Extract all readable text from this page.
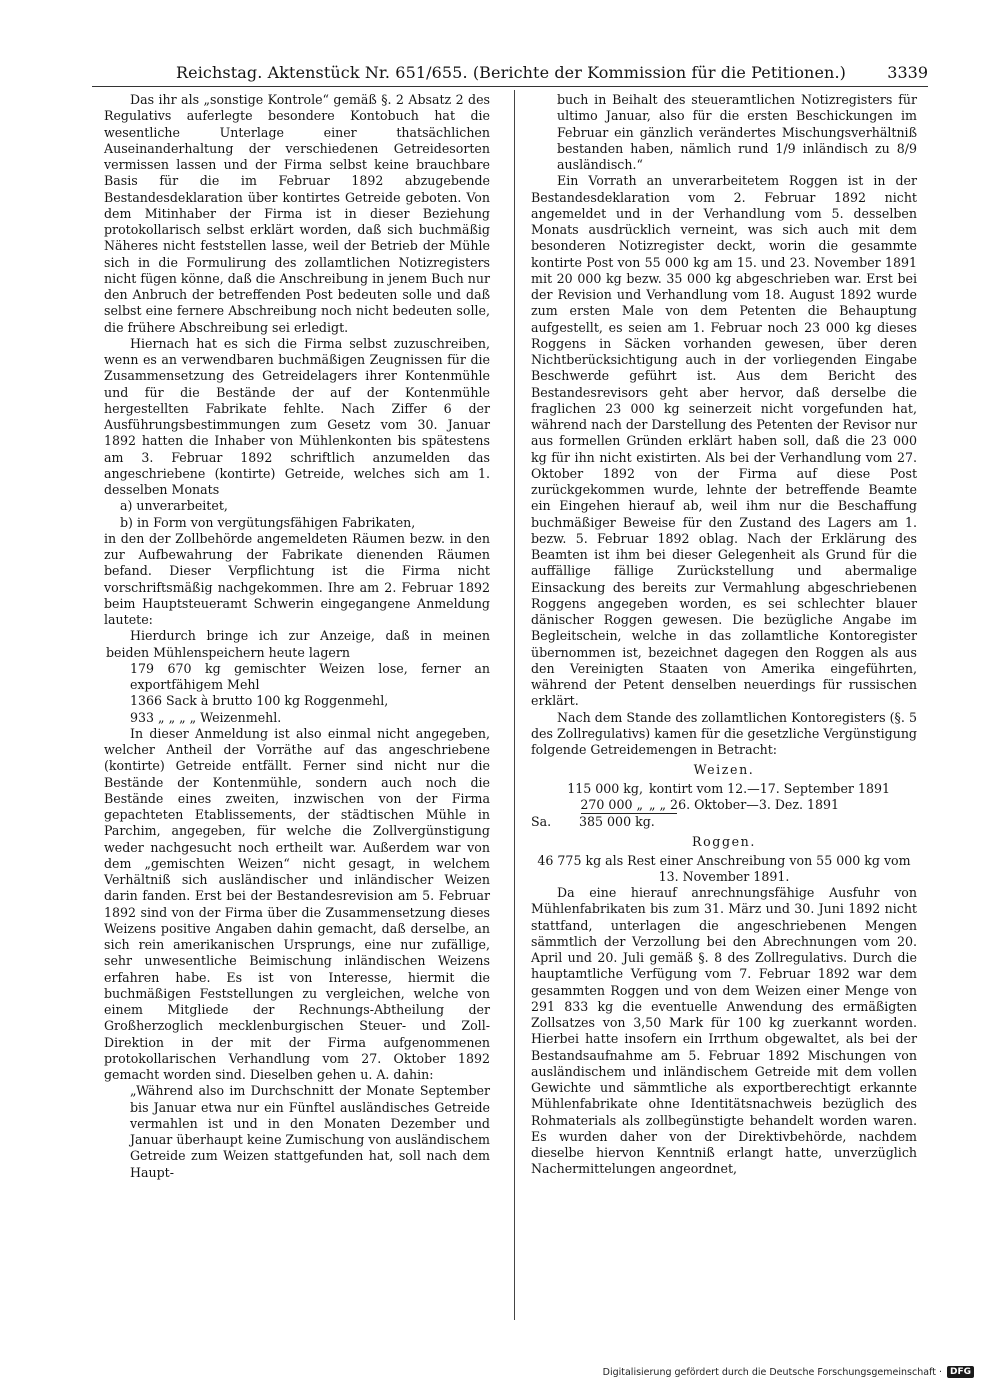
Reichstag. Aktenstück Nr. 651/655. (Berichte der Kommission für die Petitionen.)	3339

Das ihr als „sonstige Kontrole“ gemäß §. 2 Absatz 2 des Regulativs auferlegte besondere Kontobuch hat die wesentliche Unterlage einer thatsächlichen Auseinanderhaltung der verschiedenen Getreidesorten vermissen lassen und der Firma selbst keine brauchbare Basis für die im Februar 1892 abzugebende Bestandesdeklaration über kontirtes Getreide geboten. Von dem Mitinhaber der Firma ist in dieser Beziehung protokollarisch selbst erklärt worden, daß sich buchmäßig Näheres nicht feststellen lasse, weil der Betrieb der Mühle sich in die Formulirung des zollamtlichen Notizregisters nicht fügen könne, daß die Anschreibung in jenem Buch nur den Anbruch der betreffenden Post bedeuten solle und daß selbst eine fernere Abschreibung noch nicht bedeuten solle, die frühere Abschreibung sei erledigt.

Hiernach hat es sich die Firma selbst zuzuschreiben, wenn es an verwendbaren buchmäßigen Zeugnissen für die Zusammensetzung des Getreidelagers ihrer Kontenmühle und für die Bestände der auf der Kontenmühle hergestellten Fabrikate fehlte. Nach Ziffer 6 der Ausführungsbestimmungen zum Gesetz vom 30. Januar 1892 hatten die Inhaber von Mühlenkonten bis spätestens am 3. Februar 1892 schriftlich anzumelden das angeschriebene (kontirte) Getreide, welches sich am 1. desselben Monats

a) unverarbeitet,

b) in Form von vergütungsfähigen Fabrikaten,

in den der Zollbehörde angemeldeten Räumen bezw. in den zur Aufbewahrung der Fabrikate dienenden Räumen befand. Dieser Verpflichtung ist die Firma nicht vorschriftsmäßig nachgekommen. Ihre am 2. Februar 1892 beim Hauptsteueramt Schwerin eingegangene Anmeldung lautete:

Hierdurch bringe ich zur Anzeige, daß in meinen beiden Mühlenspeichern heute lagern

179 670 kg gemischter Weizen lose, ferner an exportfähigem Mehl

1366 Sack à brutto 100 kg Roggenmehl,

933 „ „ „ „ Weizenmehl.

In dieser Anmeldung ist also einmal nicht angegeben, welcher Antheil der Vorräthe auf das angeschriebene (kontirte) Getreide entfällt. Ferner sind nicht nur die Bestände der Kontenmühle, sondern auch noch die Bestände eines zweiten, inzwischen von der Firma gepachteten Etablissements, der städtischen Mühle in Parchim, angegeben, für welche die Zollvergünstigung weder nachgesucht noch ertheilt war. Außerdem war von dem „gemischten Weizen“ nicht gesagt, in welchem Verhältniß sich ausländischer und inländischer Weizen darin fanden. Erst bei der Bestandesrevision am 5. Februar 1892 sind von der Firma über die Zusammensetzung dieses Weizens positive Angaben dahin gemacht, daß derselbe, an sich rein amerikanischen Ursprungs, eine nur zufällige, sehr unwesentliche Beimischung inländischen Weizens erfahren habe. Es ist von Interesse, hiermit die buchmäßigen Feststellungen zu vergleichen, welche von einem Mitgliede der Rechnungs-Abtheilung der Großherzoglich mecklenburgischen Steuer- und Zoll-Direktion in der mit der Firma aufgenommenen protokollarischen Verhandlung vom 27. Oktober 1892 gemacht worden sind. Dieselben gehen u. A. dahin:

„Während also im Durchschnitt der Monate September bis Januar etwa nur ein Fünftel ausländisches Getreide vermahlen ist und in den Monaten Dezember und Januar überhaupt keine Zumischung von ausländischem Getreide zum Weizen stattgefunden hat, soll nach dem Haupt-

buch in Beihalt des steueramtlichen Notizregisters für ultimo Januar, also für die ersten Beschickungen im Februar ein gänzlich verändertes Mischungsverhältniß bestanden haben, nämlich rund 1/9 inländisch zu 8/9 ausländisch.“

Ein Vorrath an unverarbeitetem Roggen ist in der Bestandesdeklaration vom 2. Februar 1892 nicht angemeldet und in der Verhandlung vom 5. desselben Monats ausdrücklich verneint, was sich auch mit dem besonderen Notizregister deckt, worin die gesammte kontirte Post von 55 000 kg am 15. und 23. November 1891 mit 20 000 kg bezw. 35 000 kg abgeschrieben war. Erst bei der Revision und Verhandlung vom 18. August 1892 wurde zum ersten Male von dem Petenten die Behauptung aufgestellt, es seien am 1. Februar noch 23 000 kg dieses Roggens in Säcken vorhanden gewesen, über deren Nichtberücksichtigung auch in der vorliegenden Eingabe Beschwerde geführt ist. Aus dem Bericht des Bestandesrevisors geht aber hervor, daß derselbe die fraglichen 23 000 kg seinerzeit nicht vorgefunden hat, während nach der Darstellung des Petenten der Revisor nur aus formellen Gründen erklärt haben soll, daß die 23 000 kg für ihn nicht existirten. Als bei der Verhandlung vom 27. Oktober 1892 von der Firma auf diese Post zurückgekommen wurde, lehnte der betreffende Beamte ein Eingehen hierauf ab, weil ihm nur die Beschaffung buchmäßiger Beweise für den Zustand des Lagers am 1. bezw. 5. Februar 1892 oblag. Nach der Erklärung des Beamten ist ihm bei dieser Gelegenheit als Grund für die auffällige fällige Zurückstellung und abermalige Einsackung des bereits zur Vermahlung abgeschriebenen Roggens angegeben worden, es sei schlechter blauer dänischer Roggen gewesen. Die bezügliche Angabe im Begleitschein, welche in das zollamtliche Kontoregister übernommen ist, bezeichnet dagegen den Roggen als aus den Vereinigten Staaten von Amerika eingeführten, während der Petent denselben neuerdings für russischen erklärt.

Nach dem Stande des zollamtlichen Kontoregisters (§. 5 des Zollregulativs) kamen für die gesetzliche Vergünstigung folgende Getreidemengen in Betracht:

Weizen.
115 000 kg, kontirt vom 12.—17. September 1891
270 000 „ „ „ 26. Oktober—3. Dez. 1891
Sa.	385 000 kg.
Roggen.

46 775 kg als Rest einer Anschreibung von 55 000 kg vom 13. November 1891.

Da eine hierauf anrechnungsfähige Ausfuhr von Mühlenfabrikaten bis zum 31. März und 30. Juni 1892 nicht stattfand, unterlagen die angeschriebenen Mengen sämmtlich der Verzollung bei den Abrechnungen vom 20. April und 20. Juli gemäß §. 8 des Zollregulativs. Durch die hauptamtliche Verfügung vom 7. Februar 1892 war dem gesammten Roggen und von dem Weizen einer Menge von 291 833 kg die eventuelle Anwendung des ermäßigten Zollsatzes von 3,50 Mark für 100 kg zuerkannt worden. Hierbei hatte insofern ein Irrthum obgewaltet, als bei der Bestandsaufnahme am 5. Februar 1892 Mischungen von ausländischem und inländischem Getreide mit dem vollen Gewichte und sämmtliche als exportberechtigt erkannte Mühlenfabrikate ohne Identitätsnachweis bezüglich des Rohmaterials als zollbegünstigte behandelt worden waren. Es wurden daher von der Direktivbehörde, nachdem dieselbe hiervon Kenntniß erlangt hatte, unverzüglich Nachermittelungen angeordnet,

Digitalisierung gefördert durch die Deutsche Forschungsgemeinschaft · DFG
